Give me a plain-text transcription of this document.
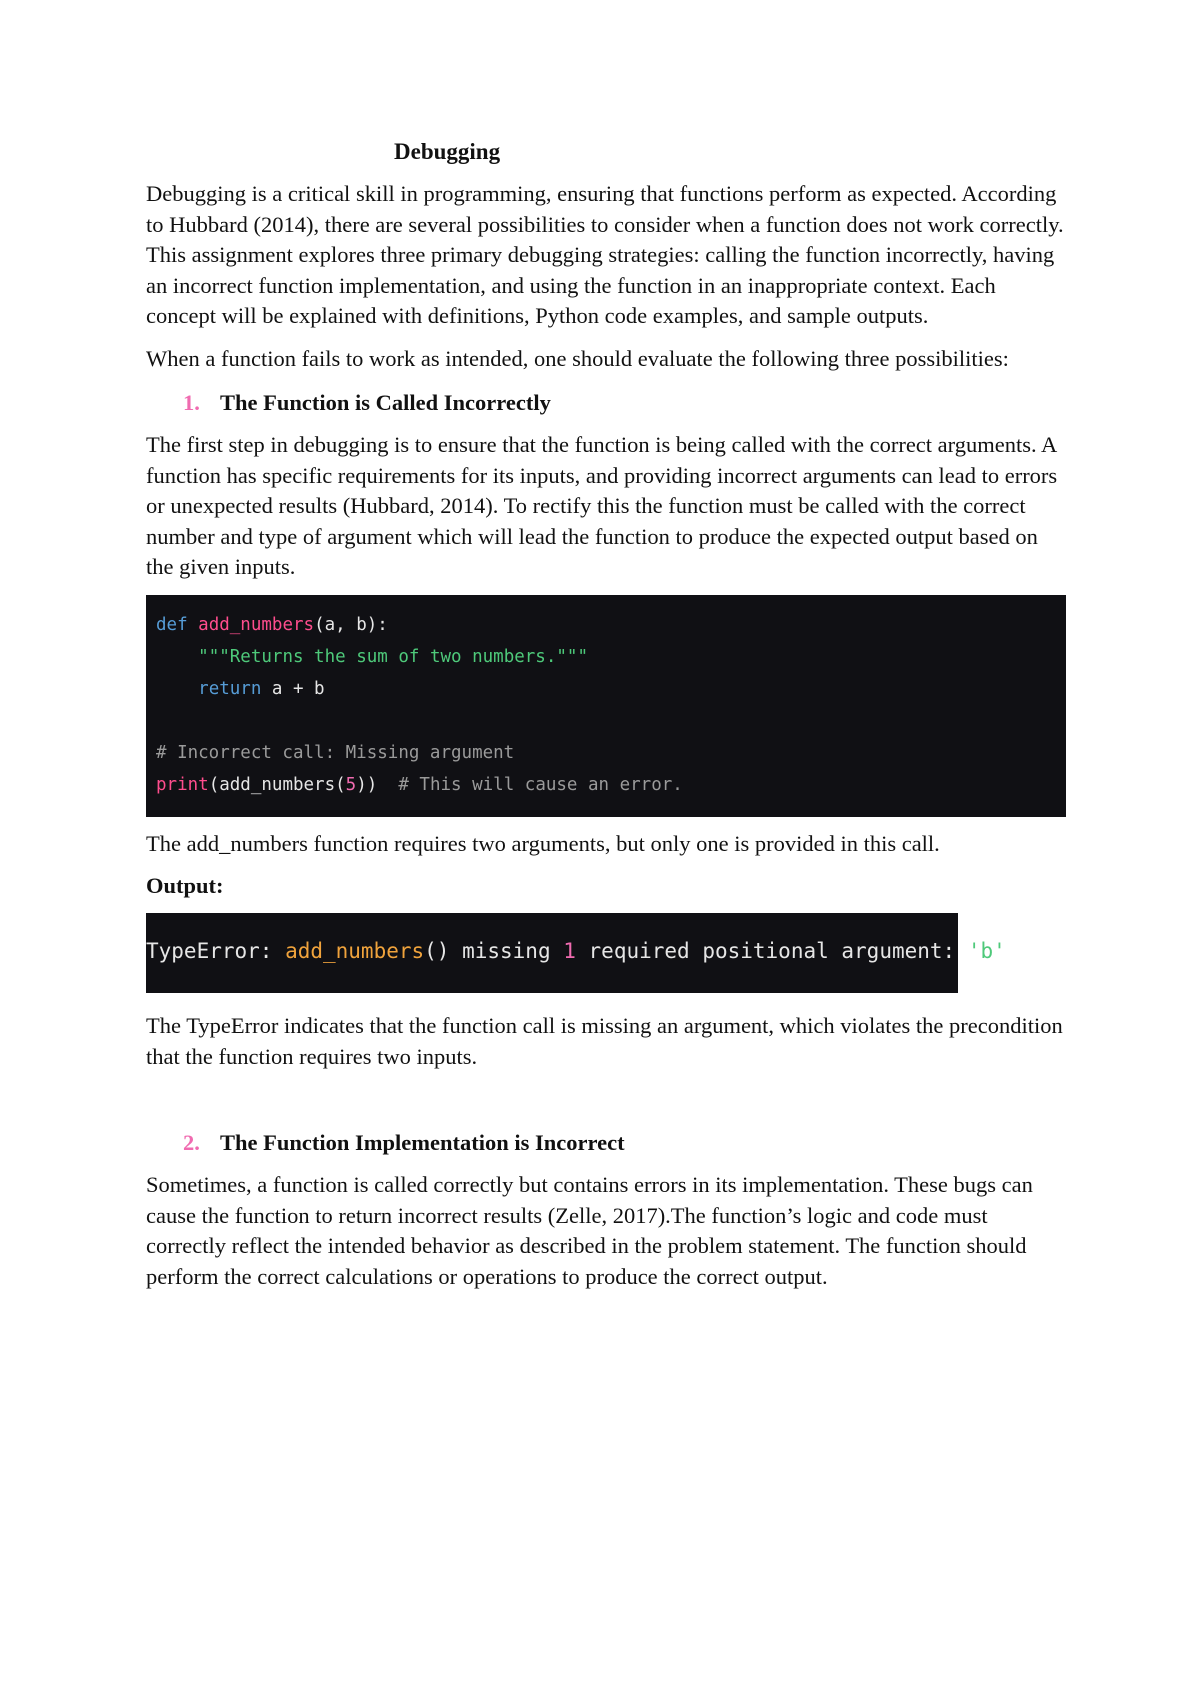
Debugging

Debugging is a critical skill in programming, ensuring that functions perform as expected. According to Hubbard (2014), there are several possibilities to consider when a function does not work correctly. This assignment explores three primary debugging strategies: calling the function incorrectly, having an incorrect function implementation, and using the function in an inappropriate context. Each concept will be explained with definitions, Python code examples, and sample outputs.

When a function fails to work as intended, one should evaluate the following three possibilities:

1. The Function is Called Incorrectly

The first step in debugging is to ensure that the function is being called with the correct arguments. A function has specific requirements for its inputs, and providing incorrect arguments can lead to errors or unexpected results (Hubbard, 2014). To rectify this the function must be called with the correct number and type of argument which will lead the function to produce the expected output based on the given inputs.

def add_numbers(a, b):
"""Returns the sum of two numbers."""
return a + b
# Incorrect call: Missing argument
print(add_numbers(5))  # This will cause an error.

The add_numbers function requires two arguments, but only one is provided in this call.

Output:
TypeError: add_numbers() missing 1 required positional argument: 'b'

The TypeError indicates that the function call is missing an argument, which violates the precondition that the function requires two inputs.

2. The Function Implementation is Incorrect

Sometimes, a function is called correctly but contains errors in its implementation. These bugs can cause the function to return incorrect results (Zelle, 2017).The function’s logic and code must correctly reflect the intended behavior as described in the problem statement. The function should perform the correct calculations or operations to produce the correct output.
